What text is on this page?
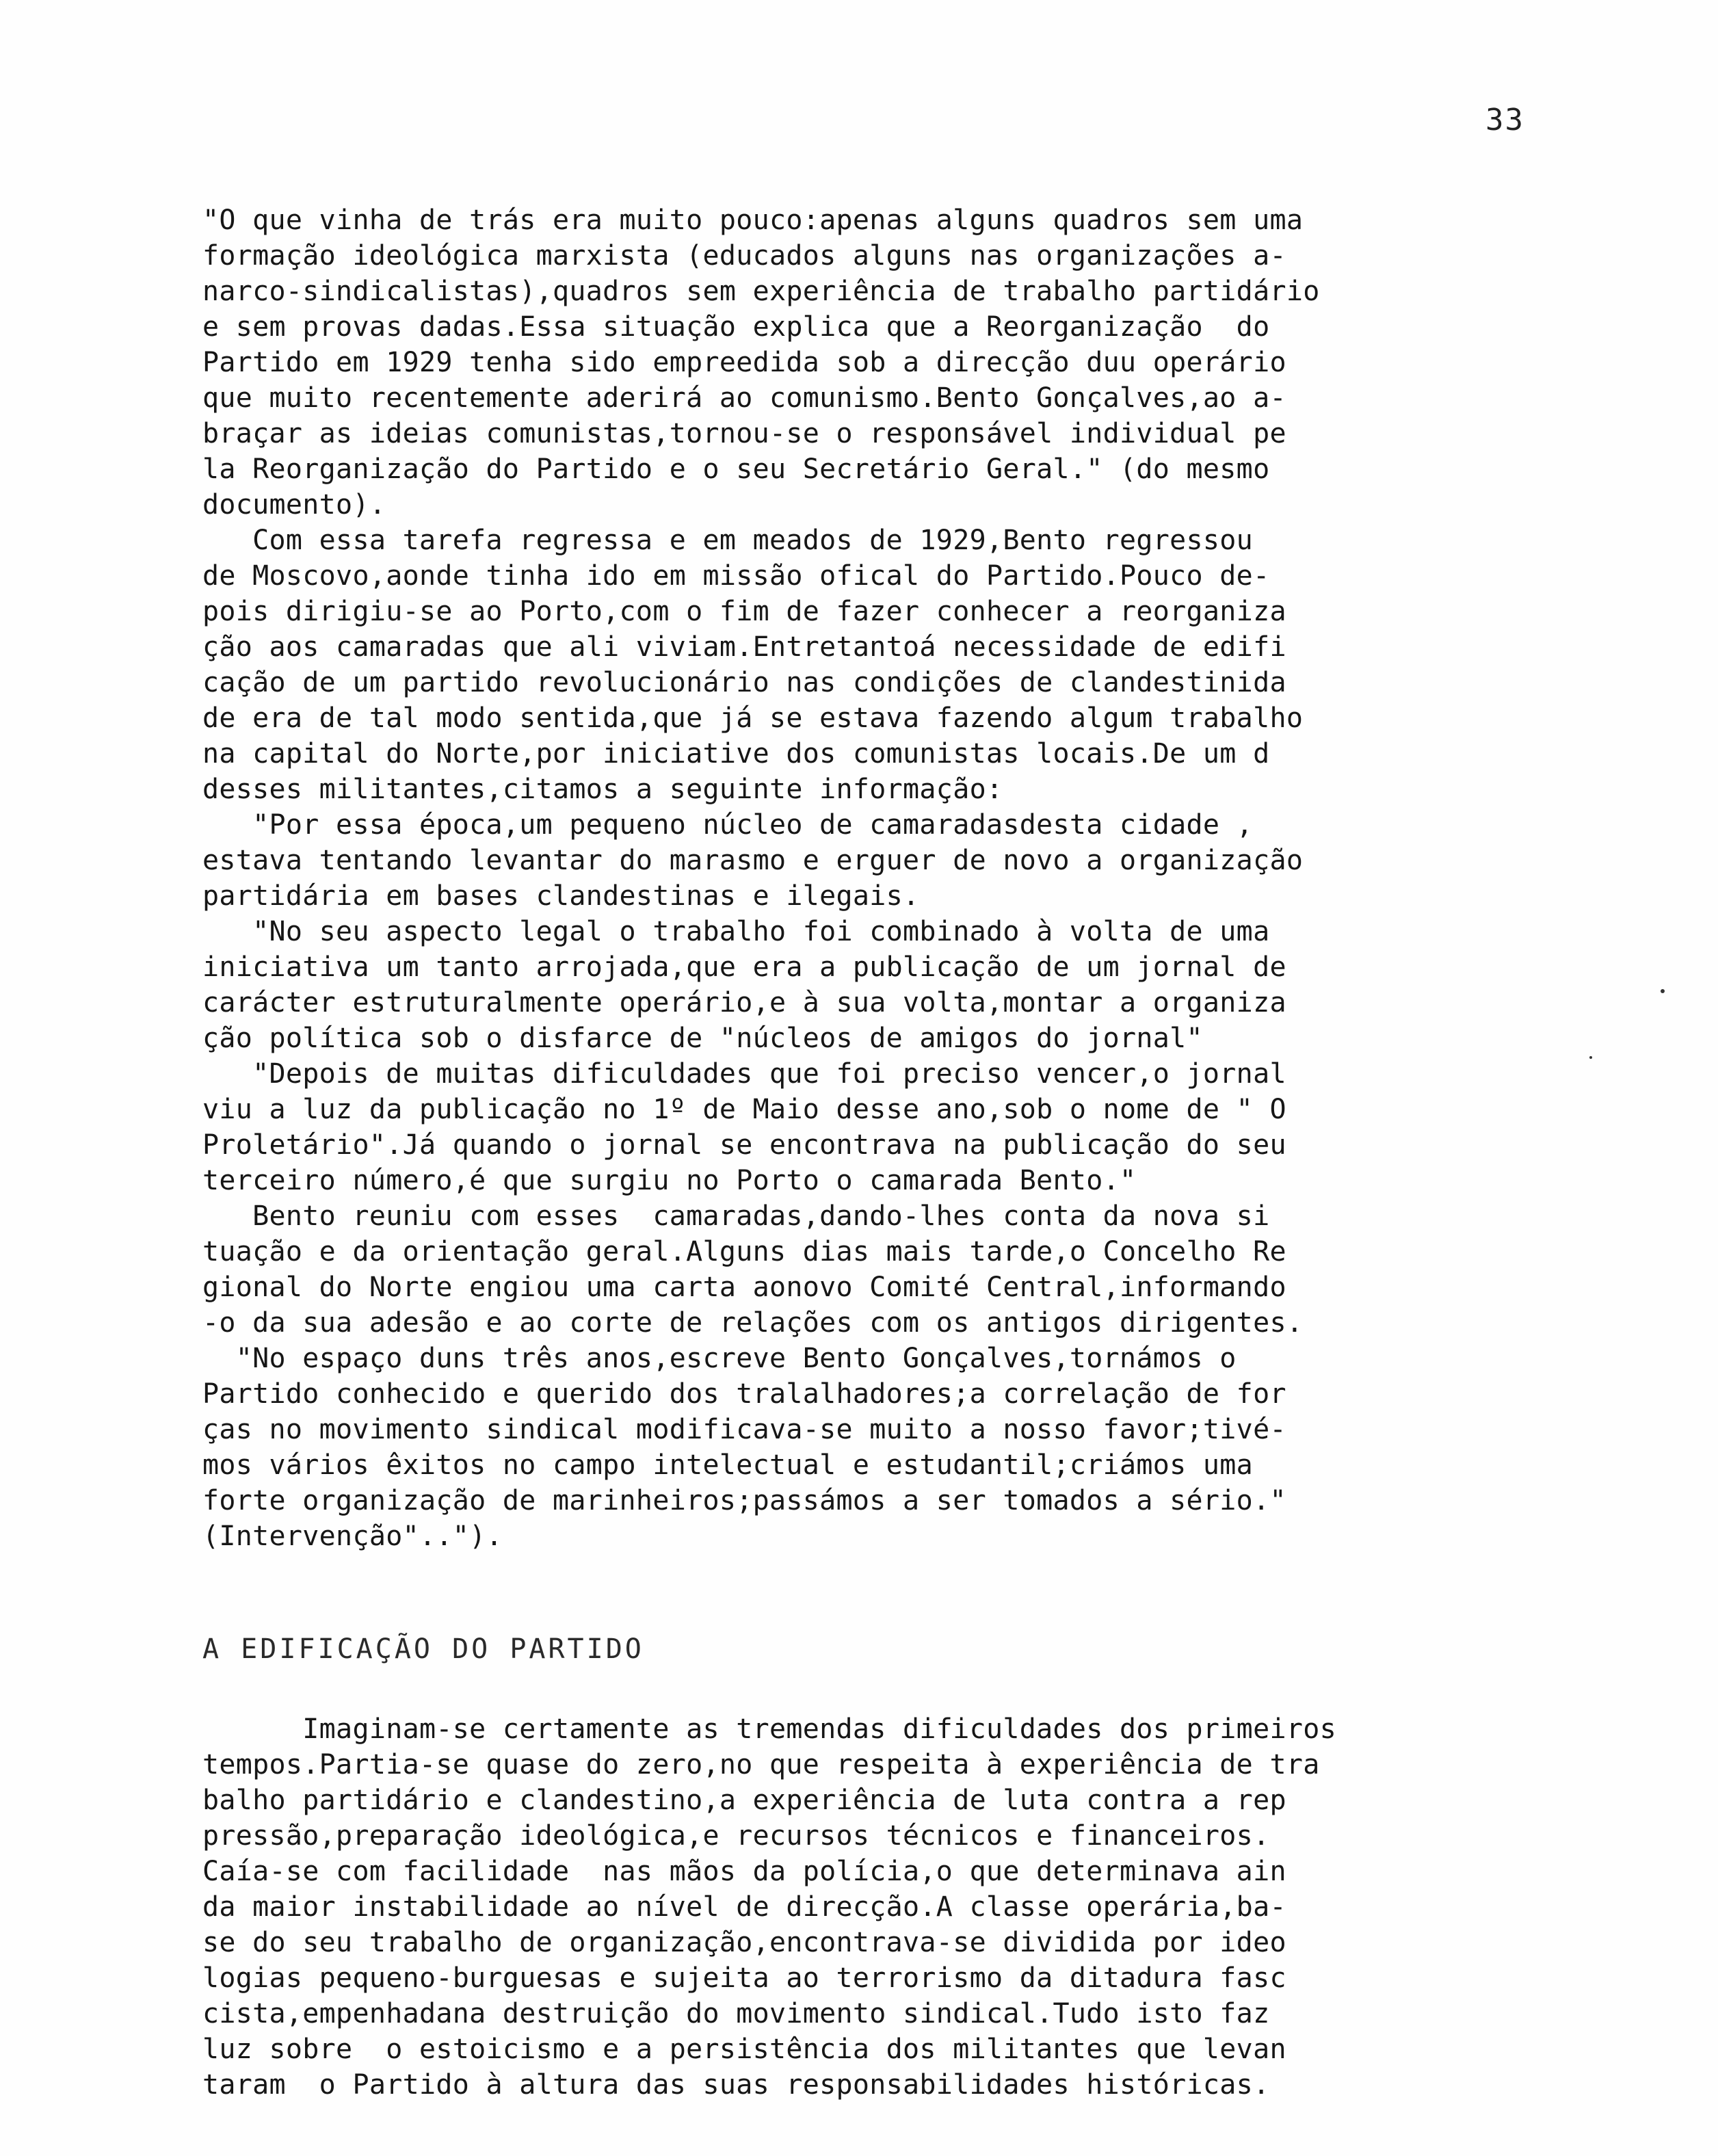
33
"O que vinha de trás era muito pouco:apenas alguns quadros sem uma
formação ideológica marxista (educados alguns nas organizações a-
narco-sindicalistas),quadros sem experiência de trabalho partidário
e sem provas dadas.Essa situação explica que a Reorganização  do
Partido em 1929 tenha sido empreedida sob a direcção duu operário
que muito recentemente aderirá ao comunismo.Bento Gonçalves,ao a-
braçar as ideias comunistas,tornou-se o responsável individual pe
la Reorganização do Partido e o seu Secretário Geral." (do mesmo
documento).
Com essa tarefa regressa e em meados de 1929,Bento regressou
de Moscovo,aonde tinha ido em missão ofical do Partido.Pouco de-
pois dirigiu-se ao Porto,com o fim de fazer conhecer a reorganiza
ção aos camaradas que ali viviam.Entretantoá necessidade de edifi
cação de um partido revolucionário nas condições de clandestinida
de era de tal modo sentida,que já se estava fazendo algum trabalho
na capital do Norte,por iniciative dos comunistas locais.De um d
desses militantes,citamos a seguinte informação:
"Por essa época,um pequeno núcleo de camaradasdesta cidade ,
estava tentando levantar do marasmo e erguer de novo a organização
partidária em bases clandestinas e ilegais.
"No seu aspecto legal o trabalho foi combinado à volta de uma
iniciativa um tanto arrojada,que era a publicação de um jornal de
carácter estruturalmente operário,e à sua volta,montar a organiza
ção política sob o disfarce de "núcleos de amigos do jornal"
"Depois de muitas dificuldades que foi preciso vencer,o jornal
viu a luz da publicação no 1º de Maio desse ano,sob o nome de " O
Proletário".Já quando o jornal se encontrava na publicação do seu
terceiro número,é que surgiu no Porto o camarada Bento."
Bento reuniu com esses  camaradas,dando-lhes conta da nova si
tuação e da orientação geral.Alguns dias mais tarde,o Concelho Re
gional do Norte engiou uma carta aonovo Comité Central,informando
-o da sua adesão e ao corte de relações com os antigos dirigentes.
"No espaço duns três anos,escreve Bento Gonçalves,tornámos o
Partido conhecido e querido dos tralalhadores;a correlação de for
ças no movimento sindical modificava-se muito a nosso favor;tivé-
mos vários êxitos no campo intelectual e estudantil;criámos uma
forte organização de marinheiros;passámos a ser tomados a sério."
(Intervenção"..").
A EDIFICAÇÃO DO PARTIDO
Imaginam-se certamente as tremendas dificuldades dos primeiros
tempos.Partia-se quase do zero,no que respeita à experiência de tra
balho partidário e clandestino,a experiência de luta contra a rep
pressão,preparação ideológica,e recursos técnicos e financeiros.
Caía-se com facilidade  nas mãos da polícia,o que determinava ain
da maior instabilidade ao nível de direcção.A classe operária,ba-
se do seu trabalho de organização,encontrava-se dividida por ideo
logias pequeno-burguesas e sujeita ao terrorismo da ditadura fasc
cista,empenhadana destruição do movimento sindical.Tudo isto faz
luz sobre  o estoicismo e a persistência dos militantes que levan
taram  o Partido à altura das suas responsabilidades históricas.
